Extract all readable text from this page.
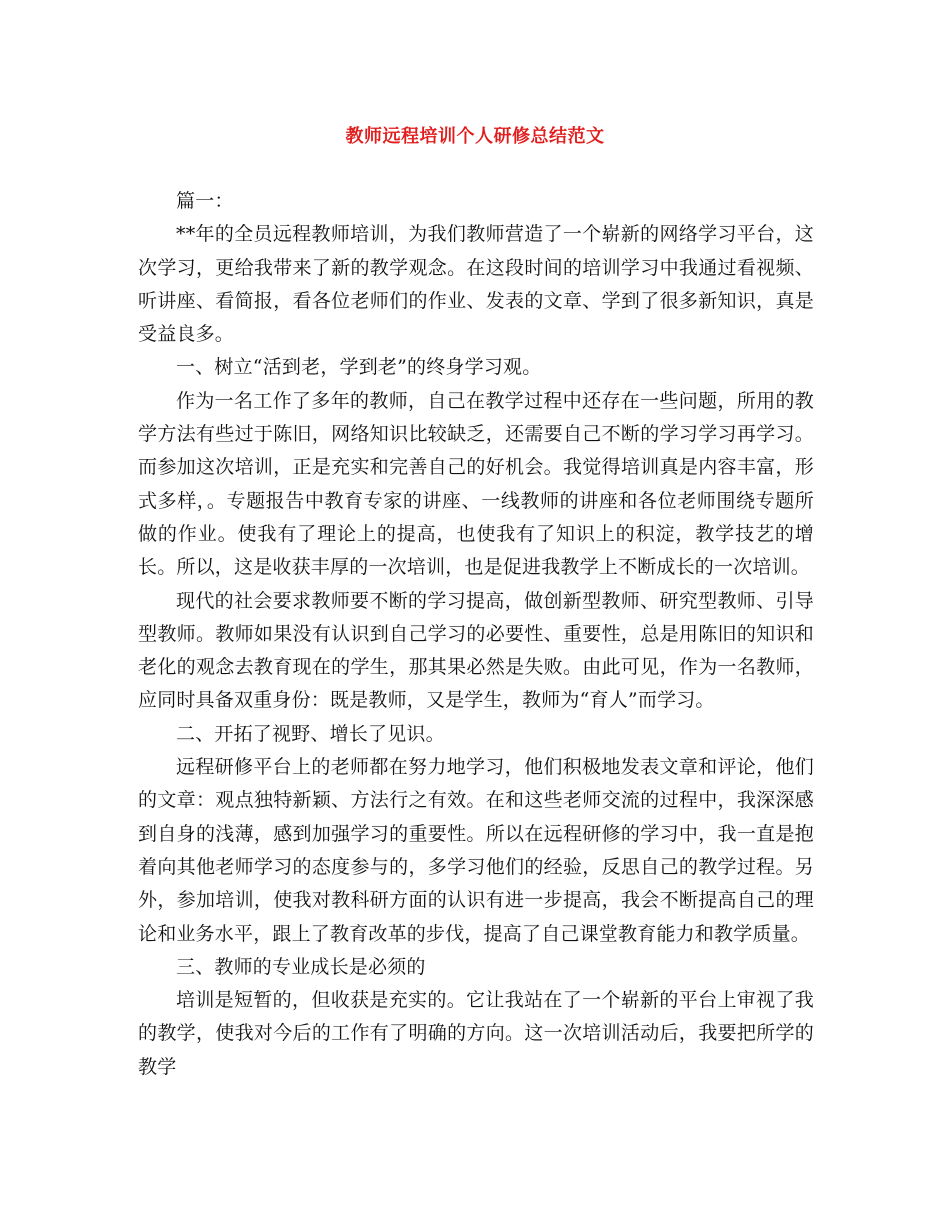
教师远程培训个人研修总结范文

篇一：

**年的全员远程教师培训，为我们教师营造了一个崭新的网络学习平台，这次学习，更给我带来了新的教学观念。在这段时间的培训学习中我通过看视频、听讲座、看简报，看各位老师们的作业、发表的文章、学到了很多新知识，真是受益良多。

一、树立“活到老，学到老”的终身学习观。

作为一名工作了多年的教师，自己在教学过程中还存在一些问题，所用的教学方法有些过于陈旧，网络知识比较缺乏，还需要自己不断的学习学习再学习。而参加这次培训，正是充实和完善自己的好机会。我觉得培训真是内容丰富，形式多样，。专题报告中教育专家的讲座、一线教师的讲座和各位老师围绕专题所做的作业。使我有了理论上的提高，也使我有了知识上的积淀，教学技艺的增长。所以，这是收获丰厚的一次培训，也是促进我教学上不断成长的一次培训。

现代的社会要求教师要不断的学习提高，做创新型教师、研究型教师、引导型教师。教师如果没有认识到自己学习的必要性、重要性，总是用陈旧的知识和老化的观念去教育现在的学生，那其果必然是失败。由此可见，作为一名教师，应同时具备双重身份：既是教师，又是学生，教师为“育人”而学习。

二、开拓了视野、增长了见识。

远程研修平台上的老师都在努力地学习，他们积极地发表文章和评论，他们的文章：观点独特新颖、方法行之有效。在和这些老师交流的过程中，我深深感到自身的浅薄，感到加强学习的重要性。所以在远程研修的学习中，我一直是抱着向其他老师学习的态度参与的，多学习他们的经验，反思自己的教学过程。另外，参加培训，使我对教科研方面的认识有进一步提高，我会不断提高自己的理论和业务水平，跟上了教育改革的步伐，提高了自己课堂教育能力和教学质量。

三、教师的专业成长是必须的

培训是短暂的，但收获是充实的。它让我站在了一个崭新的平台上审视了我的教学，使我对今后的工作有了明确的方向。这一次培训活动后，我要把所学的教学
